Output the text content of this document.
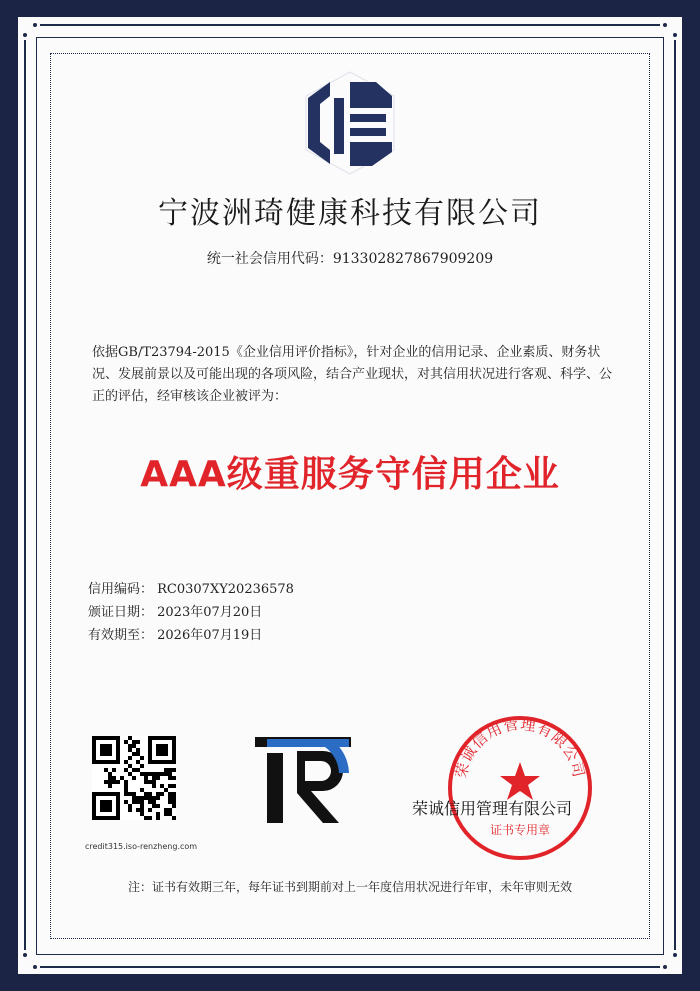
宁波洲琦健康科技有限公司
统一社会信用代码：913302827867909209
依据GB/T23794-2015《企业信用评价指标》，针对企业的信用记录、企业素质、财务状况、发展前景以及可能出现的各项风险，结合产业现状，对其信用状况进行客观、科学、公正的评估，经审核该企业被评为：
AAA级重服务守信用企业
信用编码： RC0307XY20236578
颁证日期： 2023年07月20日
有效期至： 2026年07月19日
credit315.iso-renzheng.com
荣诚信用管理有限公司
证书专用章
荣诚信用管理有限公司
注：证书有效期三年，每年证书到期前对上一年度信用状况进行年审，未年审则无效
